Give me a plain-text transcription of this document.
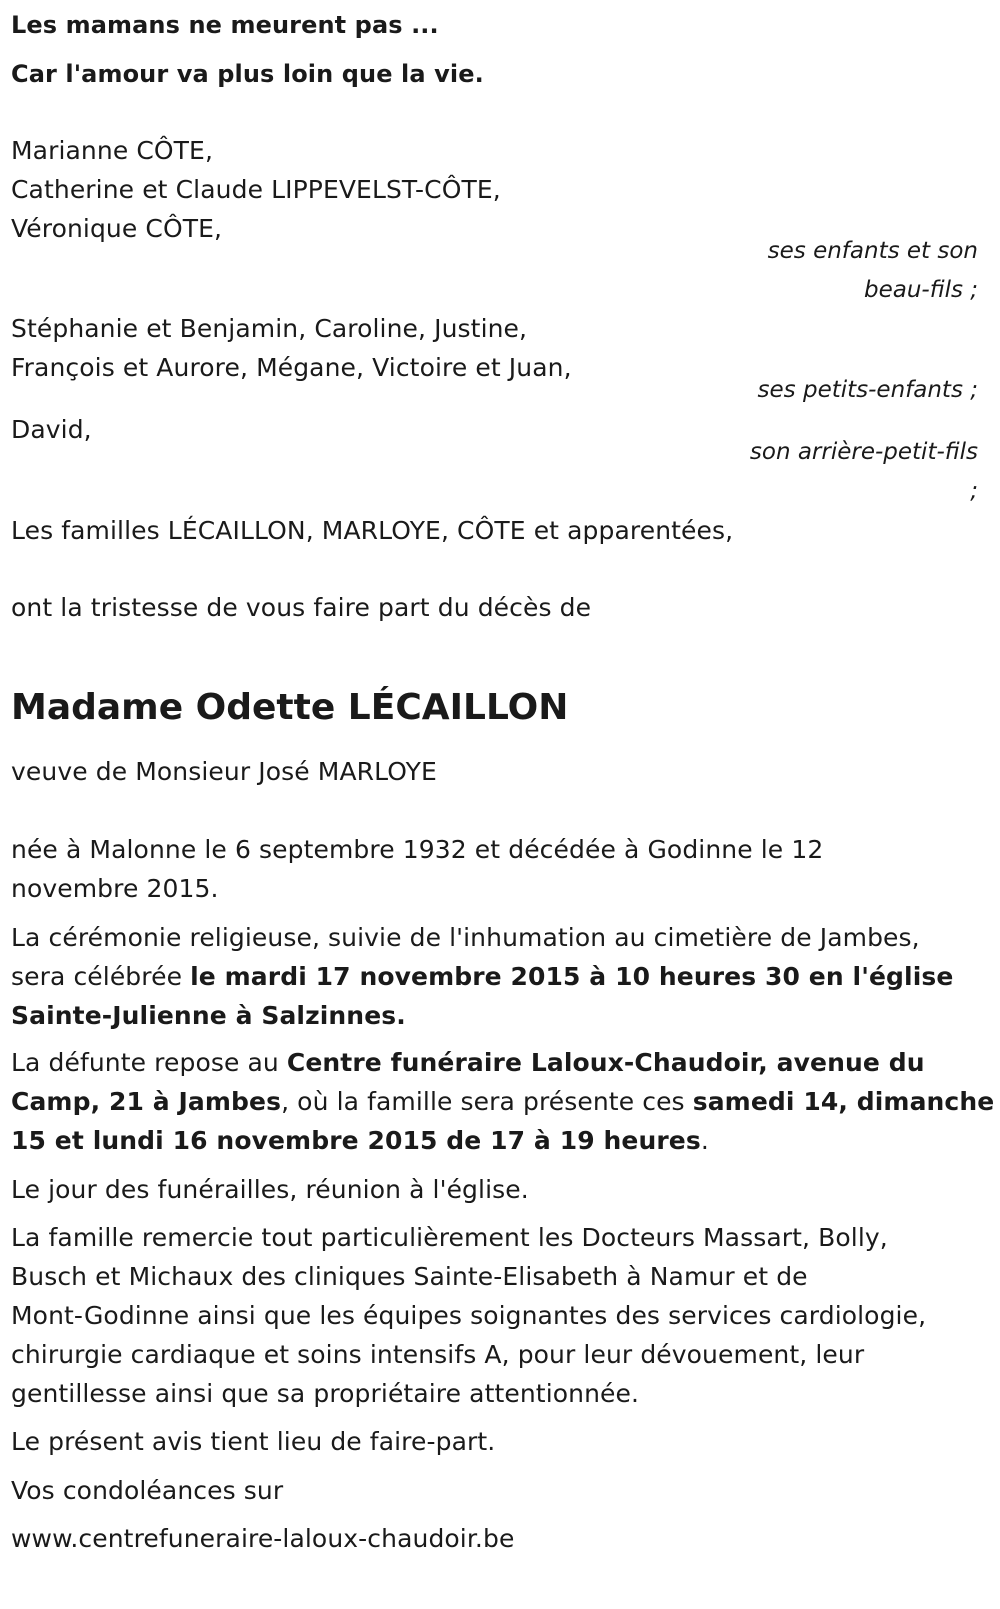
Les mamans ne meurent pas ...
Car l'amour va plus loin que la vie.
Marianne CÔTE,
Catherine et Claude LIPPEVELST-CÔTE,
Véronique CÔTE,
ses enfants et son
beau-fils ;
Stéphanie et Benjamin, Caroline, Justine,
François et Aurore, Mégane, Victoire et Juan,
ses petits-enfants ;
David,
son arrière-petit-fils
;
Les familles LÉCAILLON, MARLOYE, CÔTE et apparentées,
ont la tristesse de vous faire part du décès de
Madame Odette LÉCAILLON
veuve de Monsieur José MARLOYE
née à Malonne le 6 septembre 1932 et décédée à Godinne le 12
novembre 2015.
La cérémonie religieuse, suivie de l'inhumation au cimetière de Jambes,
sera célébrée le mardi 17 novembre 2015 à 10 heures 30 en l'église
Sainte-Julienne à Salzinnes.
La défunte repose au Centre funéraire Laloux-Chaudoir, avenue du
Camp, 21 à Jambes, où la famille sera présente ces samedi 14, dimanche
15 et lundi 16 novembre 2015 de 17 à 19 heures.
Le jour des funérailles, réunion à l'église.
La famille remercie tout particulièrement les Docteurs Massart, Bolly,
Busch et Michaux des cliniques Sainte-Elisabeth à Namur et de
Mont-Godinne ainsi que les équipes soignantes des services cardiologie,
chirurgie cardiaque et soins intensifs A, pour leur dévouement, leur
gentillesse ainsi que sa propriétaire attentionnée.
Le présent avis tient lieu de faire-part.
Vos condoléances sur
www.centrefuneraire-laloux-chaudoir.be
